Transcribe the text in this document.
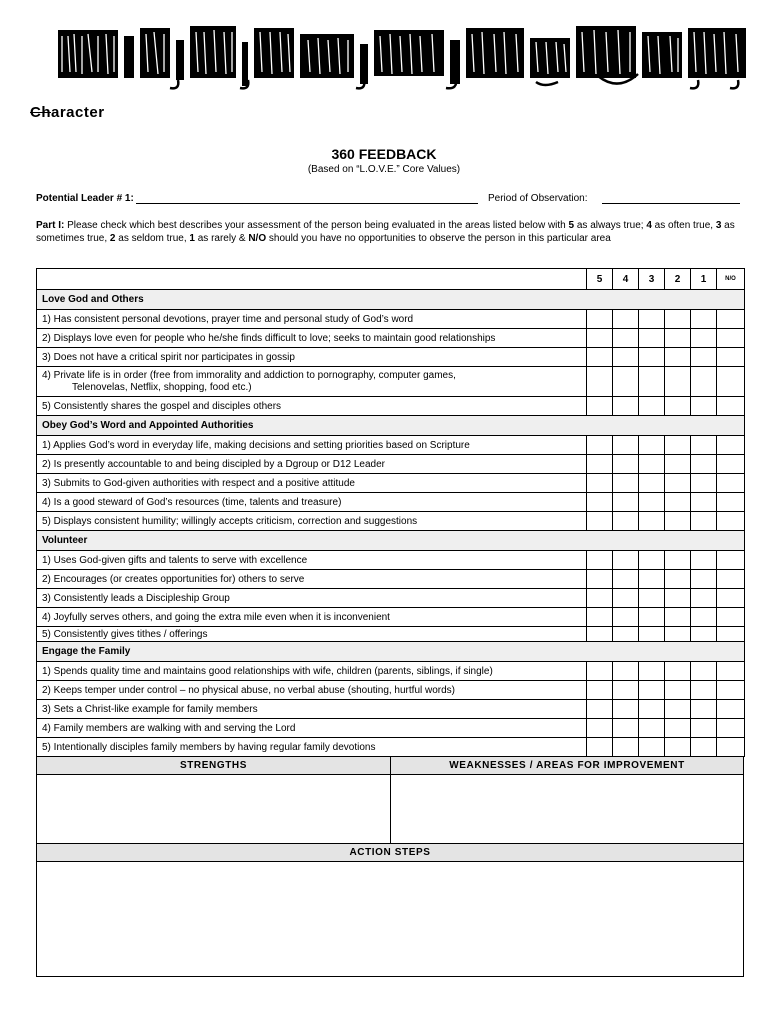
Character
360 FEEDBACK
(Based on “L.O.V.E.” Core Values)
Potential Leader # 1:	Period of Observation:
Part I: Please check which best describes your assessment of the person being evaluated in the areas listed below with 5 as always true; 4 as often true, 3 as sometimes true, 2 as seldom true, 1 as rarely & N/O should you have no opportunities to observe the person in this particular area
	5	4	3	2	1	N/O
Love God and Others						
1) Has consistent personal devotions, prayer time and personal study of God’s word						
2) Displays love even for people who he/she finds difficult to love; seeks to maintain good relationships						
3) Does not have a critical spirit nor participates in gossip						
4) Private life is in order (free from immorality and addiction to pornography, computer games,
Telenovelas, Netflix, shopping, food etc.)						

5) Consistently shares the gospel and disciples others						
Obey God’s Word and Appointed Authorities						
1) Applies God’s word in everyday life, making decisions and setting priorities based on Scripture						
2) Is presently accountable to and being discipled by a Dgroup or D12 Leader						
3) Submits to God-given authorities with respect and a positive attitude						
4) Is a good steward of God’s resources (time, talents and treasure)						
5) Displays consistent humility; willingly accepts criticism, correction and suggestions						
Volunteer						
1) Uses God-given gifts and talents to serve with excellence						
2) Encourages (or creates opportunities for) others to serve						
3) Consistently leads a Discipleship Group						
4) Joyfully serves others, and going the extra mile even when it is inconvenient						
5) Consistently gives tithes / offerings						
Engage the Family						
1) Spends quality time and maintains good relationships with wife, children (parents, siblings, if single)						
2) Keeps temper under control – no physical abuse, no verbal abuse (shouting, hurtful words)						
3) Sets a Christ-like example for family members						
4) Family members are walking with and serving the Lord						
5) Intentionally disciples family members by having regular family devotions						
STRENGTHS	WEAKNESSES / AREAS FOR IMPROVEMENT
ACTION STEPS
